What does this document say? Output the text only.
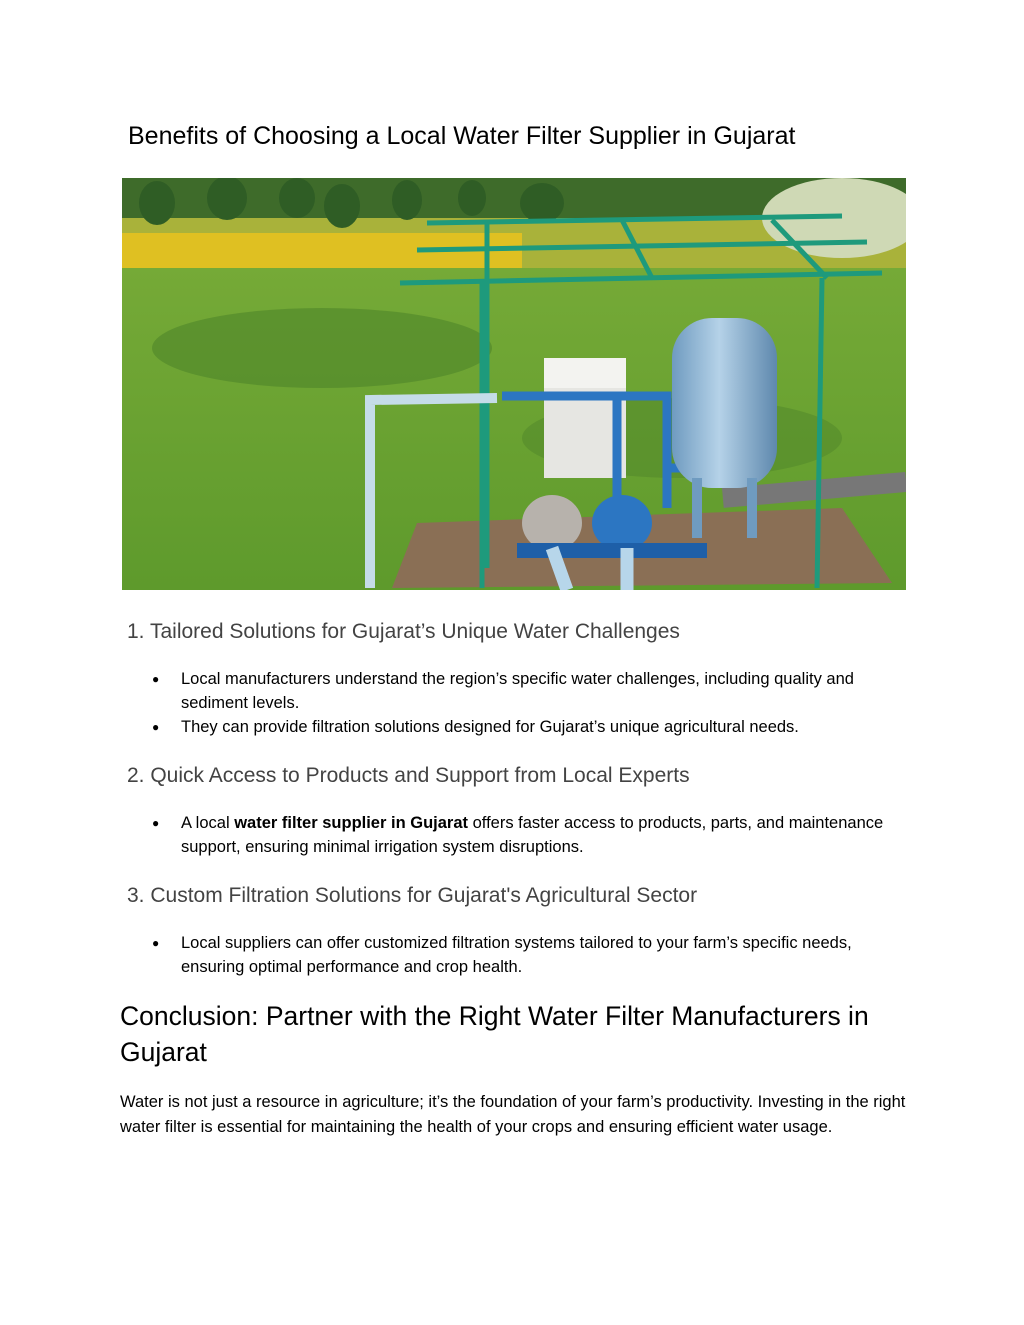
Benefits of Choosing a Local Water Filter Supplier in Gujarat
1. Tailored Solutions for Gujarat’s Unique Water Challenges
● Local manufacturers understand the region’s specific water challenges, including quality and sediment levels.
● They can provide filtration solutions designed for Gujarat’s unique agricultural needs.
2. Quick Access to Products and Support from Local Experts
● A local water filter supplier in Gujarat offers faster access to products, parts, and maintenance support, ensuring minimal irrigation system disruptions.
3. Custom Filtration Solutions for Gujarat's Agricultural Sector
● Local suppliers can offer customized filtration systems tailored to your farm’s specific needs, ensuring optimal performance and crop health.
Conclusion: Partner with the Right Water Filter Manufacturers in Gujarat
Water is not just a resource in agriculture; it’s the foundation of your farm’s productivity. Investing in the right water filter is essential for maintaining the health of your crops and ensuring efficient water usage.
